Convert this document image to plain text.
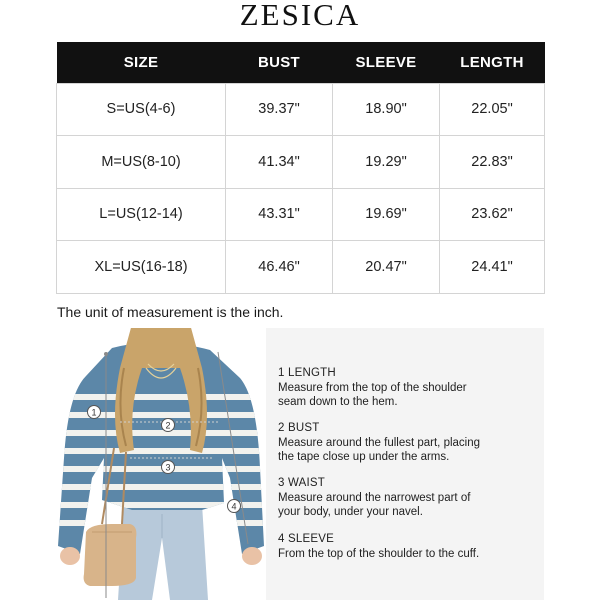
ZESICA
SIZE	BUST	SLEEVE	LENGTH
S=US(4-6)	39.37"	18.90"	22.05"
M=US(8-10)	41.34"	19.29"	22.83"
L=US(12-14)	43.31"	19.69"	23.62"
XL=US(16-18)	46.46"	20.47"	24.41"
The unit of measurement is the inch.
1
2
3
4
1 LENGTH
Measure from the top of the shoulder
seam down to the hem.
2 BUST
Measure around the fullest part, placing
the tape close up under the arms.
3 WAIST
Measure around the narrowest part of
your body, under your navel.
4 SLEEVE
From the top of the shoulder to the cuff.
